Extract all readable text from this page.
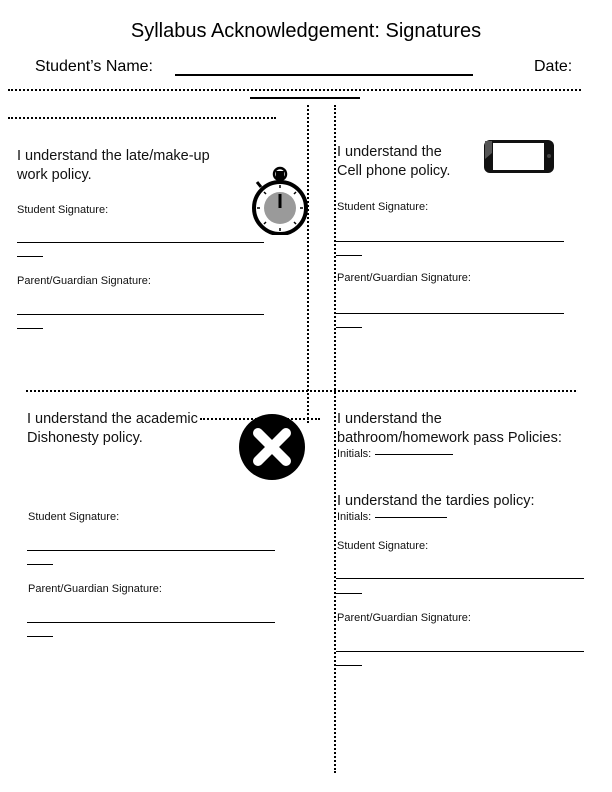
Syllabus Acknowledgement: Signatures
Student’s Name:	Date:
I understand the late/make-up
work policy.
Student Signature:
Parent/Guardian Signature:
I understand the
Cell phone policy.
Student Signature:
Parent/Guardian Signature:
I understand the academic
Dishonesty policy.
Student Signature:
Parent/Guardian Signature:
I understand the
bathroom/homework pass Policies:
Initials:
I understand the tardies policy:
Initials:
Student Signature:
Parent/Guardian Signature:
